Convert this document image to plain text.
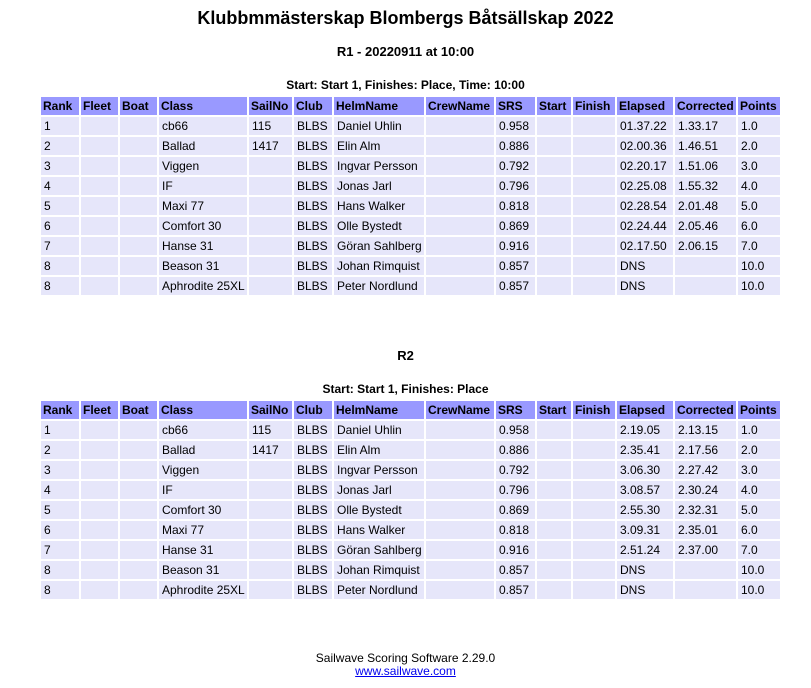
Klubbmmästerskap Blombergs Båtsällskap 2022
R1 - 20220911 at 10:00
Start: Start 1, Finishes: Place, Time: 10:00
Rank	Fleet	Boat	Class	SailNo	Club	HelmName	CrewName	SRS	Start	Finish	Elapsed	Corrected	Points
1			cb66	115	BLBS	Daniel Uhlin		0.958			01.37.22	1.33.17	1.0
2			Ballad	1417	BLBS	Elin Alm		0.886			02.00.36	1.46.51	2.0
3			Viggen		BLBS	Ingvar Persson		0.792			02.20.17	1.51.06	3.0
4			IF		BLBS	Jonas Jarl		0.796			02.25.08	1.55.32	4.0
5			Maxi 77		BLBS	Hans Walker		0.818			02.28.54	2.01.48	5.0
6			Comfort 30		BLBS	Olle Bystedt		0.869			02.24.44	2.05.46	6.0
7			Hanse 31		BLBS	Göran Sahlberg		0.916			02.17.50	2.06.15	7.0
8			Beason 31		BLBS	Johan Rimquist		0.857			DNS		10.0
8			Aphrodite 25XL		BLBS	Peter Nordlund		0.857			DNS		10.0
R2
Start: Start 1, Finishes: Place
Rank	Fleet	Boat	Class	SailNo	Club	HelmName	CrewName	SRS	Start	Finish	Elapsed	Corrected	Points
1			cb66	115	BLBS	Daniel Uhlin		0.958			2.19.05	2.13.15	1.0
2			Ballad	1417	BLBS	Elin Alm		0.886			2.35.41	2.17.56	2.0
3			Viggen		BLBS	Ingvar Persson		0.792			3.06.30	2.27.42	3.0
4			IF		BLBS	Jonas Jarl		0.796			3.08.57	2.30.24	4.0
5			Comfort 30		BLBS	Olle Bystedt		0.869			2.55.30	2.32.31	5.0
6			Maxi 77		BLBS	Hans Walker		0.818			3.09.31	2.35.01	6.0
7			Hanse 31		BLBS	Göran Sahlberg		0.916			2.51.24	2.37.00	7.0
8			Beason 31		BLBS	Johan Rimquist		0.857			DNS		10.0
8			Aphrodite 25XL		BLBS	Peter Nordlund		0.857			DNS		10.0
Sailwave Scoring Software 2.29.0
www.sailwave.com
